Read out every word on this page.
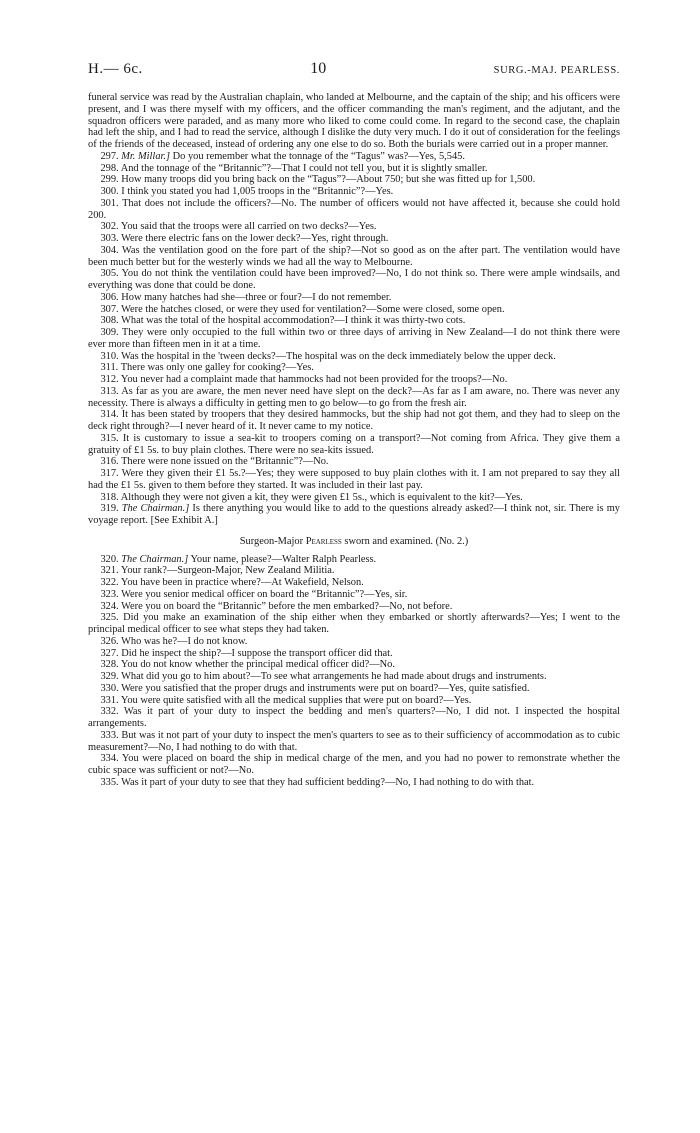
H.— 6c.	10	SURG.-MAJ. PEARLESS.

funeral service was read by the Australian chaplain, who landed at Melbourne, and the captain of the ship; and his officers were present, and I was there myself with my officers, and the officer commanding the man's regiment, and the adjutant, and the squadron officers were paraded, and as many more who liked to come could come. In regard to the second case, the chaplain had left the ship, and I had to read the service, although I dislike the duty very much. I do it out of consideration for the feelings of the friends of the deceased, instead of ordering any one else to do so. Both the burials were carried out in a proper manner.

297. Mr. Millar.] Do you remember what the tonnage of the “Tagus” was?—Yes, 5,545.

298. And the tonnage of the “Britannic”?—That I could not tell you, but it is slightly smaller.

299. How many troops did you bring back on the “Tagus”?—About 750; but she was fitted up for 1,500.

300. I think you stated you had 1,005 troops in the “Britannic”?—Yes.

301. That does not include the officers?—No. The number of officers would not have affected it, because she could hold 200.

302. You said that the troops were all carried on two decks?—Yes.

303. Were there electric fans on the lower deck?—Yes, right through.

304. Was the ventilation good on the fore part of the ship?—Not so good as on the after part. The ventilation would have been much better but for the westerly winds we had all the way to Melbourne.

305. You do not think the ventilation could have been improved?—No, I do not think so. There were ample windsails, and everything was done that could be done.

306. How many hatches had she—three or four?—I do not remember.

307. Were the hatches closed, or were they used for ventilation?—Some were closed, some open.

308. What was the total of the hospital accommodation?—I think it was thirty-two cots.

309. They were only occupied to the full within two or three days of arriving in New Zealand—I do not think there were ever more than fifteen men in it at a time.

310. Was the hospital in the 'tween decks?—The hospital was on the deck immediately below the upper deck.

311. There was only one galley for cooking?—Yes.

312. You never had a complaint made that hammocks had not been provided for the troops?—No.

313. As far as you are aware, the men never need have slept on the deck?—As far as I am aware, no. There was never any necessity. There is always a difficulty in getting men to go below—to go from the fresh air.

314. It has been stated by troopers that they desired hammocks, but the ship had not got them, and they had to sleep on the deck right through?—I never heard of it. It never came to my notice.

315. It is customary to issue a sea-kit to troopers coming on a transport?—Not coming from Africa. They give them a gratuity of £1 5s. to buy plain clothes. There were no sea-kits issued.

316. There were none issued on the “Britannic”?—No.

317. Were they given their £1 5s.?—Yes; they were supposed to buy plain clothes with it. I am not prepared to say they all had the £1 5s. given to them before they started. It was included in their last pay.

318. Although they were not given a kit, they were given £1 5s., which is equivalent to the kit?—Yes.

319. The Chairman.] Is there anything you would like to add to the questions already asked?—I think not, sir. There is my voyage report. [See Exhibit A.]

Surgeon-Major Pearless sworn and examined. (No. 2.)

320. The Chairman.] Your name, please?—Walter Ralph Pearless.

321. Your rank?—Surgeon-Major, New Zealand Militia.

322. You have been in practice where?—At Wakefield, Nelson.

323. Were you senior medical officer on board the “Britannic”?—Yes, sir.

324. Were you on board the “Britannic” before the men embarked?—No, not before.

325. Did you make an examination of the ship either when they embarked or shortly afterwards?—Yes; I went to the principal medical officer to see what steps they had taken.

326. Who was he?—I do not know.

327. Did he inspect the ship?—I suppose the transport officer did that.

328. You do not know whether the principal medical officer did?—No.

329. What did you go to him about?—To see what arrangements he had made about drugs and instruments.

330. Were you satisfied that the proper drugs and instruments were put on board?—Yes, quite satisfied.

331. You were quite satisfied with all the medical supplies that were put on board?—Yes.

332. Was it part of your duty to inspect the bedding and men's quarters?—No, I did not. I inspected the hospital arrangements.

333. But was it not part of your duty to inspect the men's quarters to see as to their sufficiency of accommodation as to cubic measurement?—No, I had nothing to do with that.

334. You were placed on board the ship in medical charge of the men, and you had no power to remonstrate whether the cubic space was sufficient or not?—No.

335. Was it part of your duty to see that they had sufficient bedding?—No, I had nothing to do with that.
